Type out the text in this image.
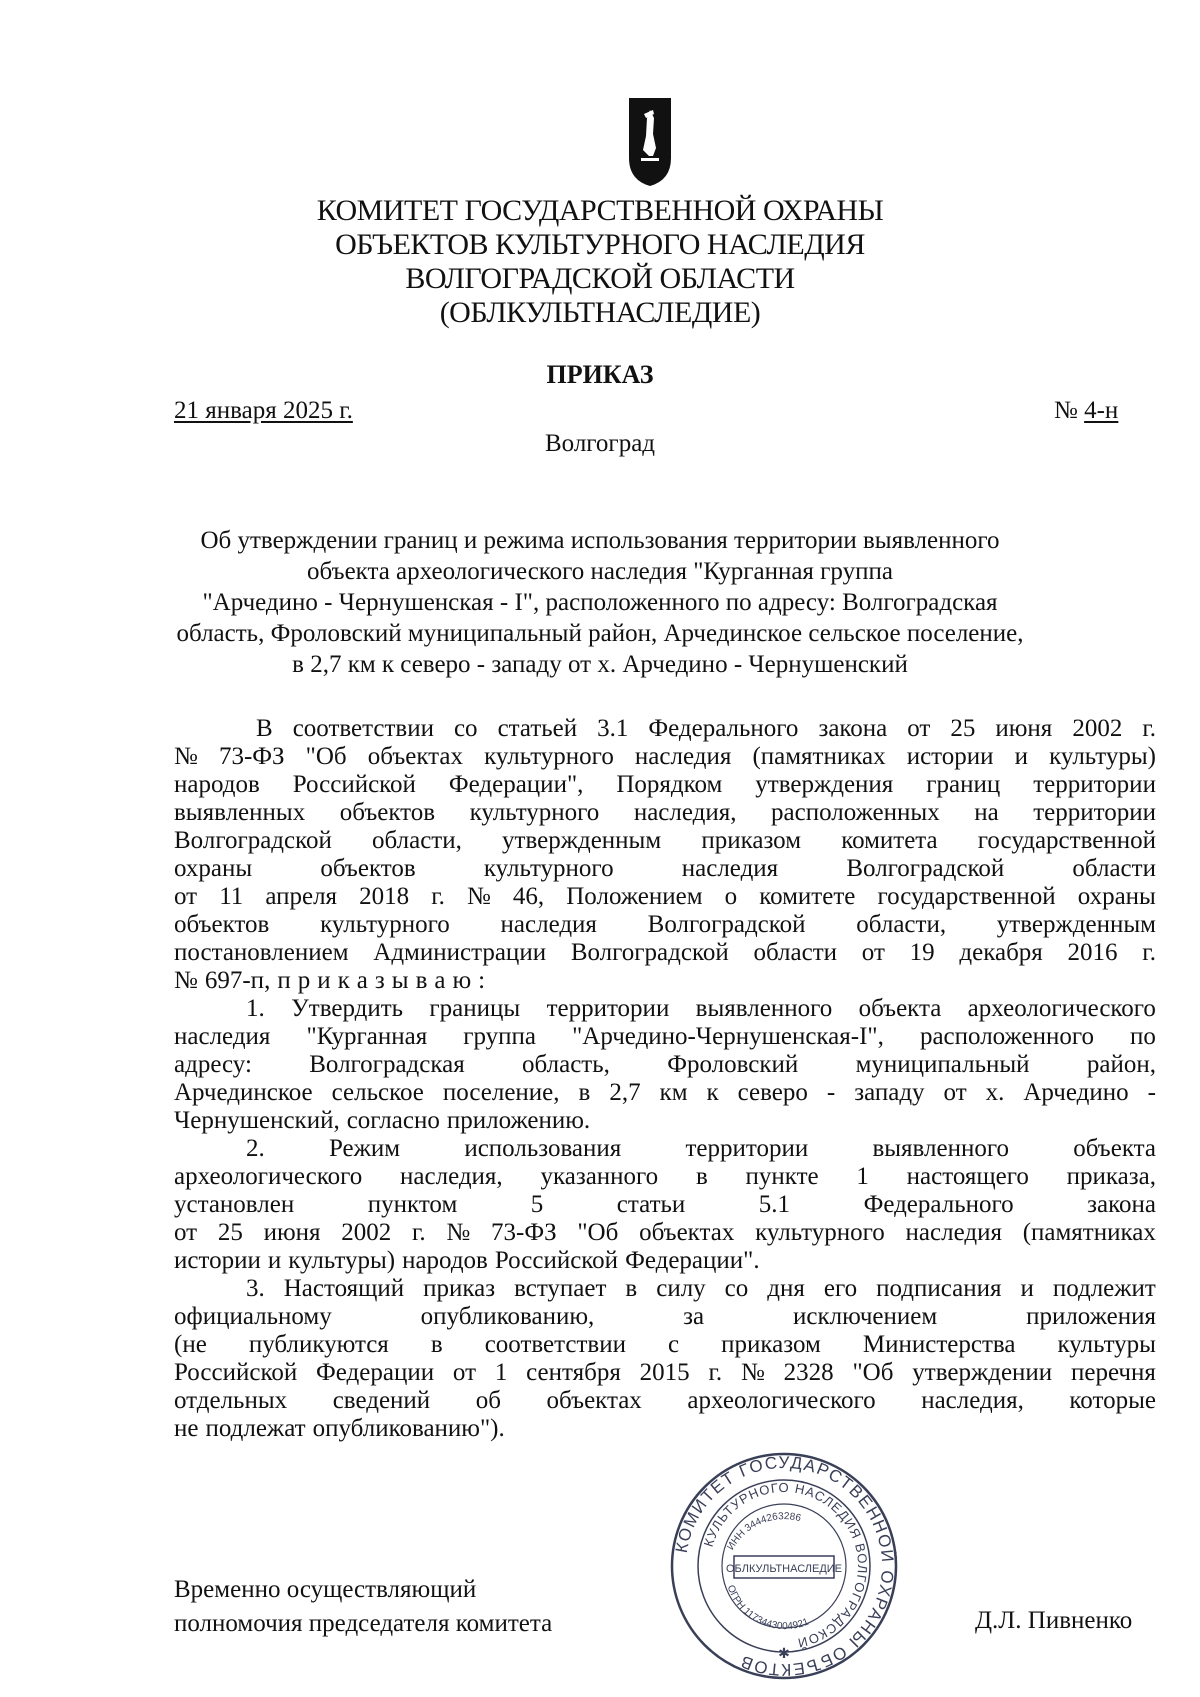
КОМИТЕТ ГОСУДАРСТВЕННОЙ ОХРАНЫ
ОБЪЕКТОВ КУЛЬТУРНОГО НАСЛЕДИЯ
ВОЛГОГРАДСКОЙ ОБЛАСТИ
(ОБЛКУЛЬТНАСЛЕДИЕ)
ПРИКАЗ
21 января 2025 г.	№ 4-н
Волгоград
Об утверждении границ и режима использования территории выявленного
объекта археологического наследия "Курганная группа
"Арчедино - Чернушенская - I", расположенного по адресу: Волгоградская
область, Фроловский муниципальный район, Арчединское сельское поселение,
в 2,7 км к северо - западу от х. Арчедино - Чернушенский
В соответствии со статьей 3.1 Федерального закона от 25 июня 2002 г.
№ 73-ФЗ "Об объектах культурного наследия (памятниках истории и культуры)
народов Российской Федерации", Порядком утверждения границ территории
выявленных объектов культурного наследия, расположенных на территории
Волгоградской области, утвержденным приказом комитета государственной
охраны	объектов	культурного	наследия	Волгоградской	области
от 11 апреля 2018 г. № 46, Положением о комитете государственной охраны
объектов культурного наследия Волгоградской области, утвержденным
постановлением Администрации Волгоградской области от 19 декабря 2016 г.
№ 697-п, п р и к а з ы в а ю :
1. Утвердить границы территории выявленного объекта археологического
наследия "Курганная группа "Арчедино-Чернушенская-I", расположенного по
адресу: Волгоградская область, Фроловский муниципальный район,
Арчединское сельское поселение, в 2,7 км к северо - западу от х. Арчедино -
Чернушенский, согласно приложению.
2.	Режим	использования	территории	выявленного	объекта
археологического наследия, указанного в пункте 1 настоящего приказа,
установлен	пунктом	5	статьи	5.1	Федерального	закона
от 25 июня 2002 г. № 73-ФЗ "Об объектах культурного наследия (памятниках
истории и культуры) народов Российской Федерации".
3. Настоящий приказ вступает в силу со дня его подписания и подлежит
официальному	опубликованию,	за	исключением	приложения
(не публикуются в соответствии с приказом Министерства культуры
Российской Федерации от 1 сентября 2015 г. № 2328 "Об утверждении перечня
отдельных сведений об объектах археологического наследия, которые
не подлежат опубликованию").
Временно осуществляющий
полномочия председателя комитета	Д.Л. Пивненко
КОМИТЕТ ГОСУДАРСТВЕННОЙ ОХРАНЫ ОБЪЕКТОВ
КУЛЬТУРНОГО НАСЛЕДИЯ ВОЛГОГРАДСКОЙ
ИНН 3444263286
ОГРН 1173443004921
ОБЛКУЛЬТНАСЛЕДИЕ
✱
